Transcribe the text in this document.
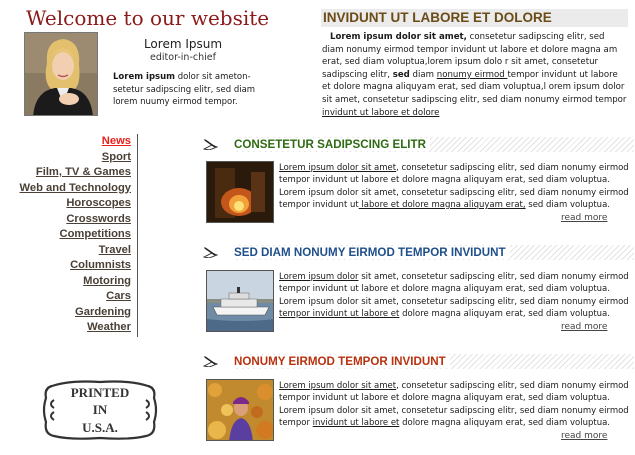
Welcome to our website
Lorem Ipsum
editor-in-chief
Lorem ipsum dolor sit ameton-setetur sadipscing elitr, sed diam lorem nuumy eirmod tempor.
INVIDUNT UT LABORE ET DOLORE
Lorem ipsum dolor sit amet, consetetur sadipscing elitr, sed diam nonumy eirmod tempor invidunt ut labore et dolore magna am erat, sed diam voluptua,lorem ipsum dolo r sit amet, consetetur sadipscing elitr, sed diam nonumy eirmod tempor invidunt ut labore et dolore magna aliquyam erat, sed diam voluptua,l orem ipsum dolor sit amet, consetetur sadipscing elitr, sed diam nonumy eirmod tempor invidunt ut labore et dolore
News
Sport
Film, TV & Games
Web and Technology
Horoscopes
Crosswords
Competitions
Travel
Columnists
Motoring
Cars
Gardening
Weather
PRINTED
IN
U.S.A.
CONSETETUR SADIPSCING ELITR
Lorem ipsum dolor sit amet, consetetur sadipscing elitr, sed diam nonumy eirmod tempor invidunt ut labore et dolore magna aliquyam erat, sed diam voluptua. Lorem ipsum dolor sit amet, consetetur sadipscing elitr, sed diam nonumy eirmod tempor invidunt ut labore et dolore magna aliquyam erat, sed diam voluptua.
read more
SED DIAM NONUMY EIRMOD TEMPOR INVIDUNT
Lorem ipsum dolor sit amet, consetetur sadipscing elitr, sed diam nonumy eirmod tempor invidunt ut labore et dolore magna aliquyam erat, sed diam voluptua. Lorem ipsum dolor sit amet, consetetur sadipscing elitr, sed diam nonumy eirmod tempor invidunt ut labore et dolore magna aliquyam erat, sed diam voluptua.
read more
NONUMY EIRMOD TEMPOR INVIDUNT
Lorem ipsum dolor sit amet, consetetur sadipscing elitr, sed diam nonumy eirmod tempor invidunt ut labore et dolore magna aliquyam erat, sed diam voluptua. Lorem ipsum dolor sit amet, consetetur sadipscing elitr, sed diam nonumy eirmod tempor invidunt ut labore et dolore magna aliquyam erat, sed diam voluptua.
read more
